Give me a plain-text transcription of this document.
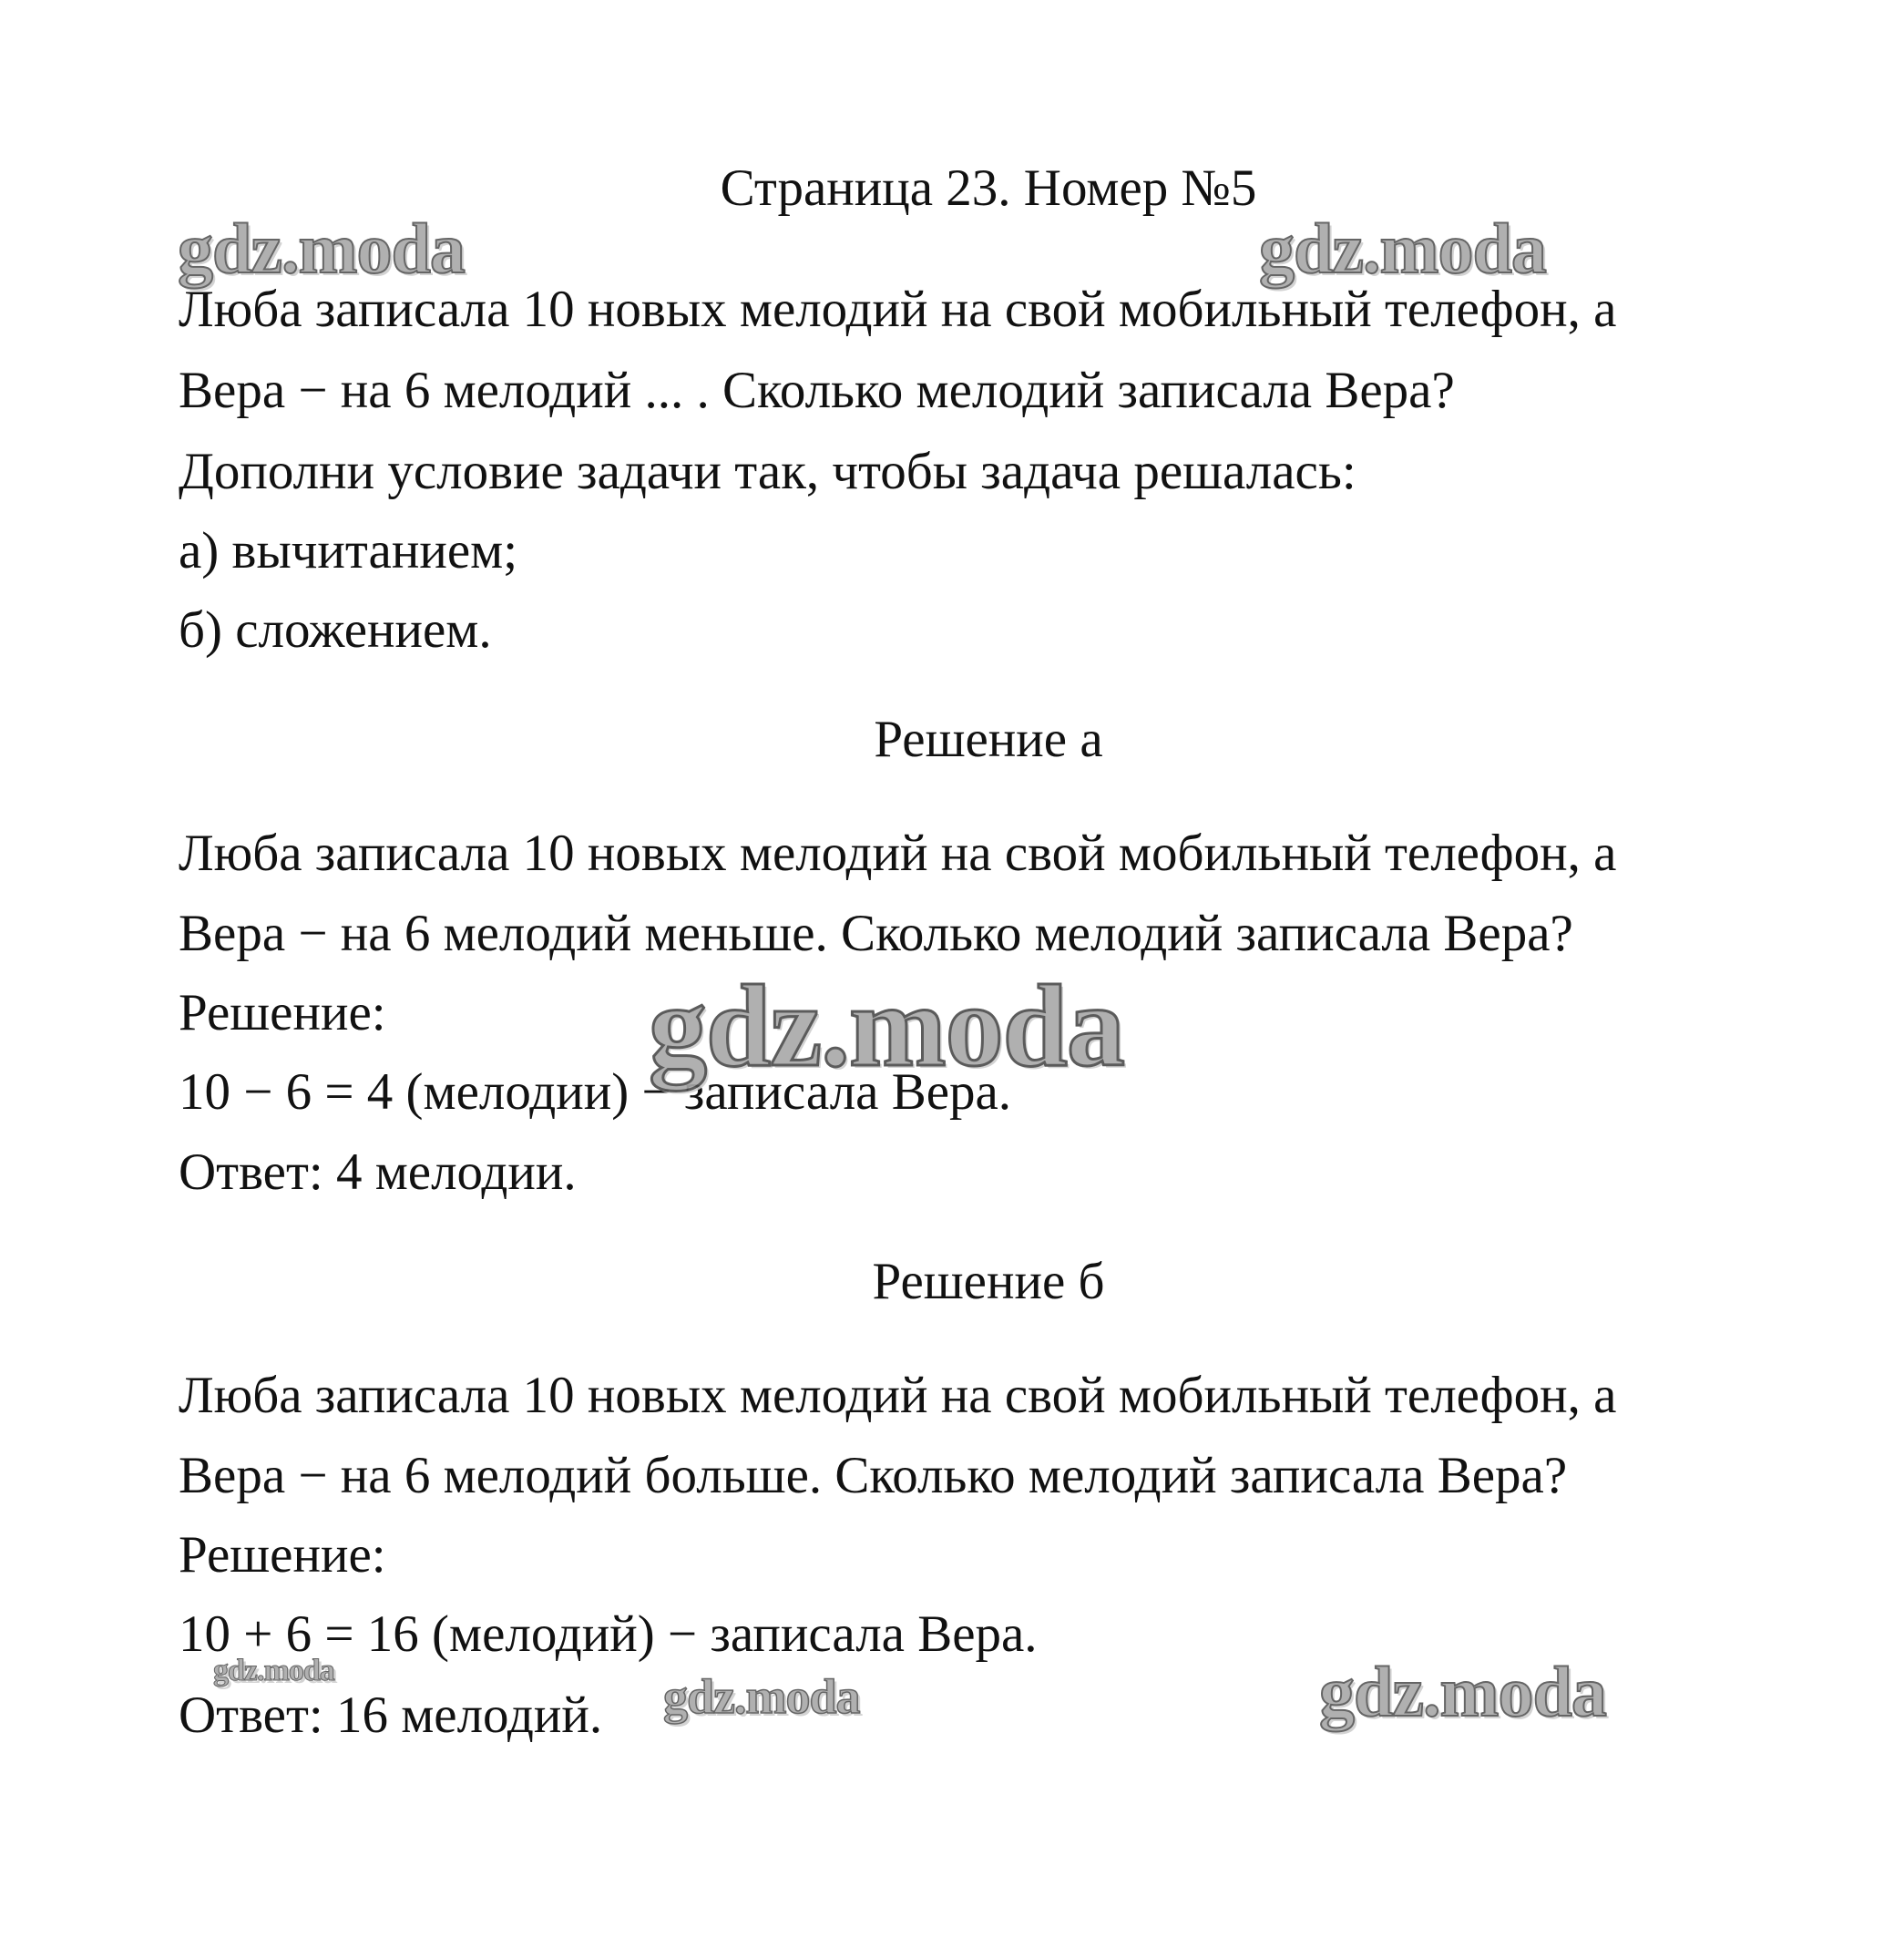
Страница 23. Номер №5

Люба записала 10 новых мелодий на свой мобильный телефон, а

Вера − на 6 мелодий ... . Сколько мелодий записала Вера?

Дополни условие задачи так, чтобы задача решалась:

а) вычитанием;

б) сложением.

Решение а

Люба записала 10 новых мелодий на свой мобильный телефон, а

Вера − на 6 мелодий меньше. Сколько мелодий записала Вера?

Решение:

10 − 6 = 4 (мелодии) − записала Вера.

Ответ: 4 мелодии.

Решение б

Люба записала 10 новых мелодий на свой мобильный телефон, а

Вера − на 6 мелодий больше. Сколько мелодий записала Вера?

Решение:

10 + 6 = 16 (мелодий) − записала Вера.

Ответ: 16 мелодий.

gdz.moda	gdz.moda
gdz.moda
gdz.moda	gdz.moda	gdz.moda
